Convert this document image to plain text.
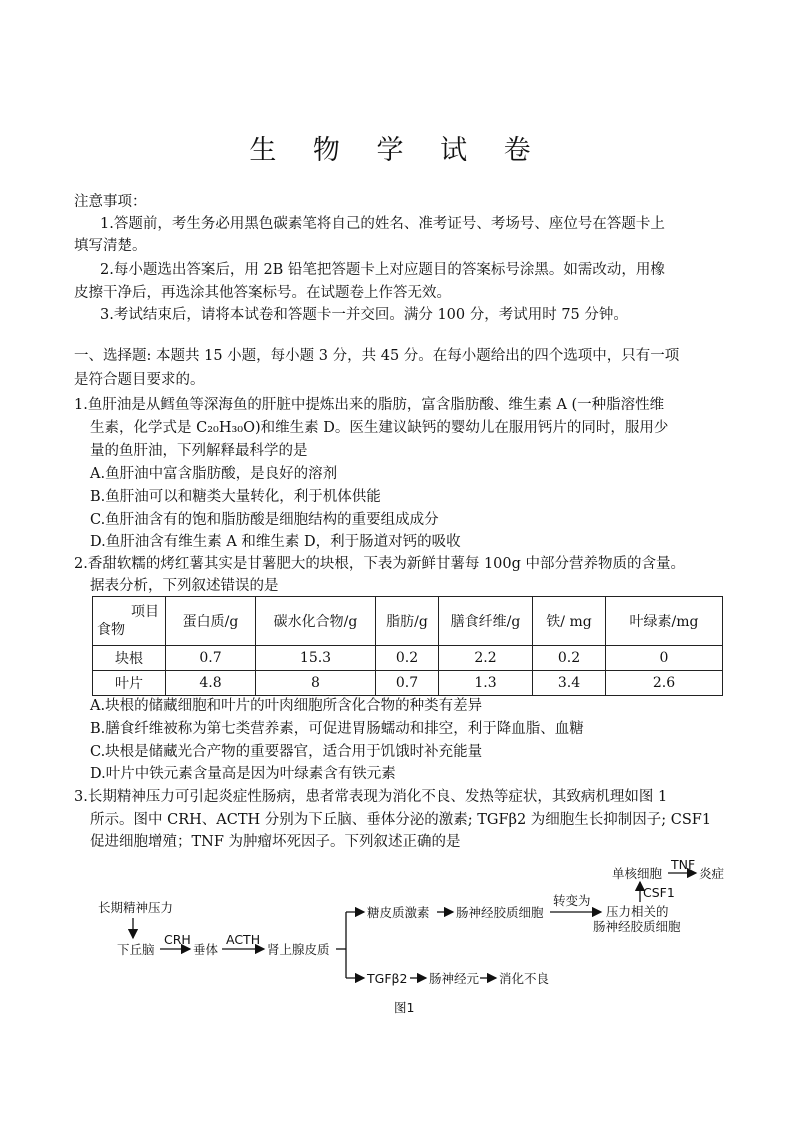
生 物 学 试 卷
注意事项：
1.答题前，考生务必用黑色碳素笔将自己的姓名、准考证号、考场号、座位号在答题卡上
填写清楚。
2.每小题选出答案后，用 2B 铅笔把答题卡上对应题目的答案标号涂黑。如需改动，用橡
皮擦干净后，再选涂其他答案标号。在试题卷上作答无效。
3.考试结束后，请将本试卷和答题卡一并交回。满分 100 分，考试用时 75 分钟。
一、选择题: 本题共 15 小题，每小题 3 分，共 45 分。在每小题给出的四个选项中，只有一项
是符合题目要求的。
1.鱼肝油是从鳕鱼等深海鱼的肝脏中提炼出来的脂肪，富含脂肪酸、维生素 A (一种脂溶性维
生素，化学式是 C₂₀H₃₀O)和维生素 D。医生建议缺钙的婴幼儿在服用钙片的同时，服用少
量的鱼肝油，下列解释最科学的是
A.鱼肝油中富含脂肪酸，是良好的溶剂
B.鱼肝油可以和糖类大量转化，利于机体供能
C.鱼肝油含有的饱和脂肪酸是细胞结构的重要组成成分
D.鱼肝油含有维生素 A 和维生素 D，利于肠道对钙的吸收
2.香甜软糯的烤红薯其实是甘薯肥大的块根，下表为新鲜甘薯每 100g 中部分营养物质的含量。
据表分析，下列叙述错误的是
项目
食物	蛋白质/g	碳水化合物/g	脂肪/g	膳食纤维/g	铁/ mg	叶绿素/mg
块根	0.7	15.3	0.2	2.2	0.2	0
叶片	4.8	8	0.7	1.3	3.4	2.6
A.块根的储藏细胞和叶片的叶肉细胞所含化合物的种类有差异
B.膳食纤维被称为第七类营养素，可促进胃肠蠕动和排空，利于降血脂、血糖
C.块根是储藏光合产物的重要器官，适合用于饥饿时补充能量
D.叶片中铁元素含量高是因为叶绿素含有铁元素
3.长期精神压力可引起炎症性肠病，患者常表现为消化不良、发热等症状，其致病机理如图 1
所示。图中 CRH、ACTH 分别为下丘脑、垂体分泌的激素; TGFβ2 为细胞生长抑制因子; CSF1
促进细胞增殖；TNF 为肿瘤坏死因子。下列叙述正确的是
长期精神压力
下丘脑
CRH
垂体
ACTH
肾上腺皮质
糖皮质激素 肠神经胶质细胞
转变为
压力相关的
肠神经胶质细胞
CSF1
单核细胞
TNF
炎症
TGFβ2 肠神经元 消化不良
图1
